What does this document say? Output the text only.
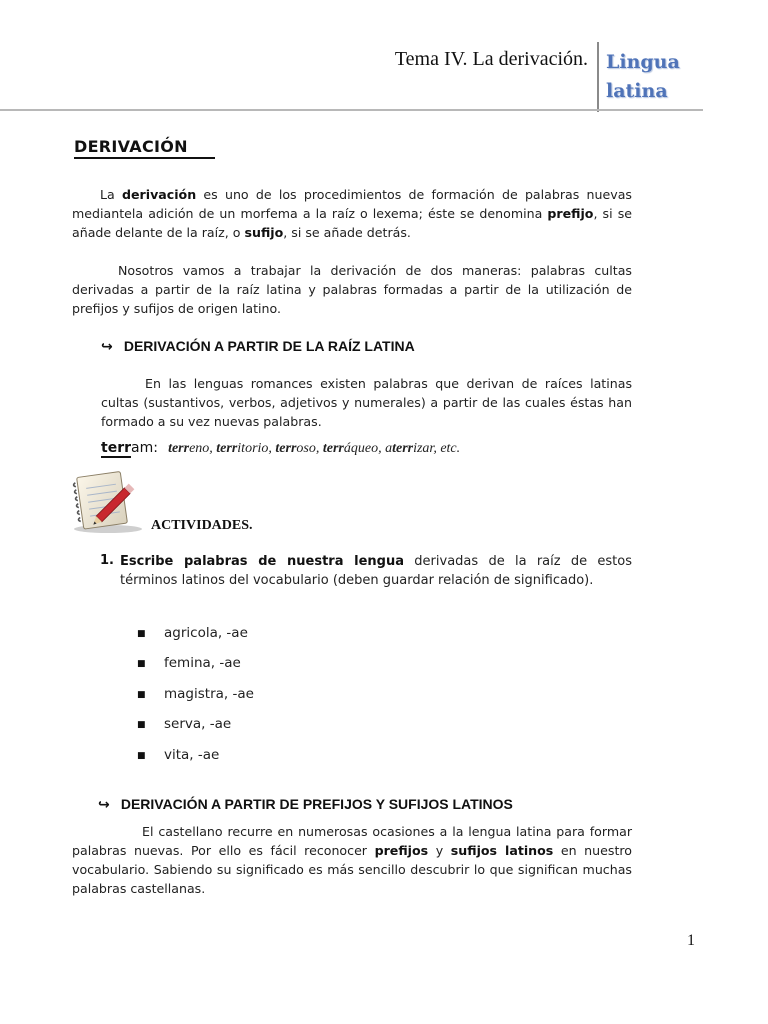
Tema IV. La derivación. Lingua
latina
DERIVACIÓN
La derivación es uno de los procedimientos de formación de palabras nuevas mediantela adición de un morfema a la raíz o lexema; éste se denomina prefijo, si se añade delante de la raíz, o sufijo, si se añade detrás.
Nosotros vamos a trabajar la derivación de dos maneras: palabras cultas derivadas a partir de la raíz latina y palabras formadas a partir de la utilización de prefijos y sufijos de origen latino.
↪ DERIVACIÓN A PARTIR DE LA RAÍZ LATINA
En las lenguas romances existen palabras que derivan de raíces latinas cultas (sustantivos, verbos, adjetivos y numerales) a partir de las cuales éstas han formado a su vez nuevas palabras.
terram: terreno, territorio, terroso, terráqueo, aterrizar, etc.
ACTIVIDADES.
1. Escribe palabras de nuestra lengua derivadas de la raíz de estos términos latinos del vocabulario (deben guardar relación de significado).
■ agricola, -ae
■ femina, -ae
■ magistra, -ae
■ serva, -ae
■ vita, -ae
↪ DERIVACIÓN A PARTIR DE PREFIJOS Y SUFIJOS LATINOS
El castellano recurre en numerosas ocasiones a la lengua latina para formar palabras nuevas. Por ello es fácil reconocer prefijos y sufijos latinos en nuestro vocabulario. Sabiendo su significado es más sencillo descubrir lo que significan muchas palabras castellanas.
1
